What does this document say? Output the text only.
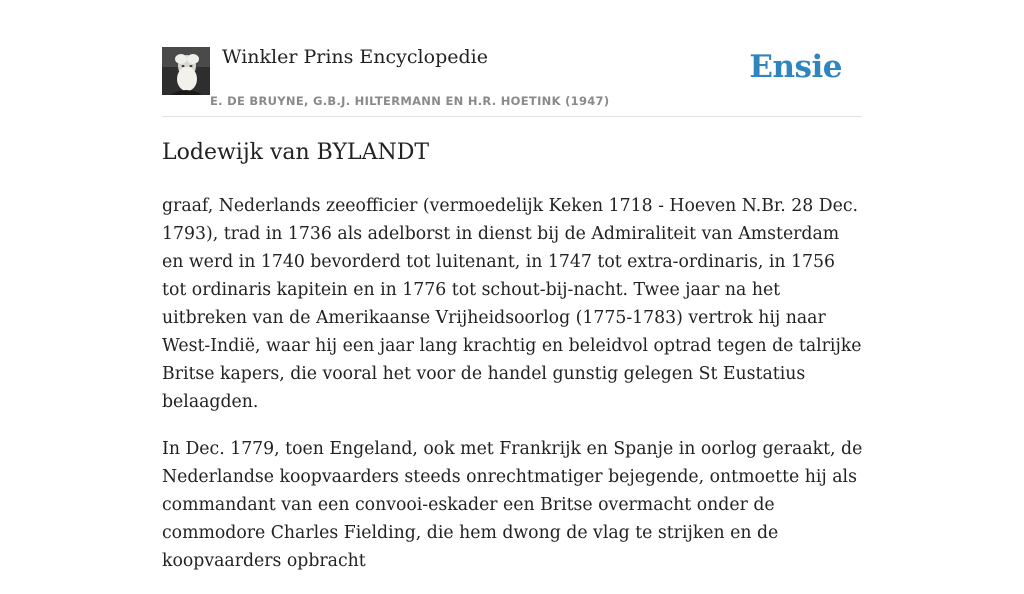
Winkler Prins Encyclopedie
E. DE BRUYNE, G.B.J. HILTERMANN EN H.R. HOETINK (1947)
Ensie
Lodewijk van BYLANDT

graaf, Nederlands zeeofficier (vermoedelijk Keken 1718 - Hoeven N.Br. 28 Dec. 1793), trad in 1736 als adelborst in dienst bij de Admiraliteit van Amsterdam en werd in 1740 bevorderd tot luitenant, in 1747 tot extra-ordinaris, in 1756 tot ordinaris kapitein en in 1776 tot schout-bij-nacht. Twee jaar na het uitbreken van de Amerikaanse Vrijheidsoorlog (1775-1783) vertrok hij naar West-Indië, waar hij een jaar lang krachtig en beleidvol optrad tegen de talrijke Britse kapers, die vooral het voor de handel gunstig gelegen St Eustatius belaagden.

In Dec. 1779, toen Engeland, ook met Frankrijk en Spanje in oorlog geraakt, de Nederlandse koopvaarders steeds onrechtmatiger bejegende, ontmoette hij als commandant van een convooi-eskader een Britse overmacht onder de commodore Charles Fielding, die hem dwong de vlag te strijken en de koopvaarders opbracht
